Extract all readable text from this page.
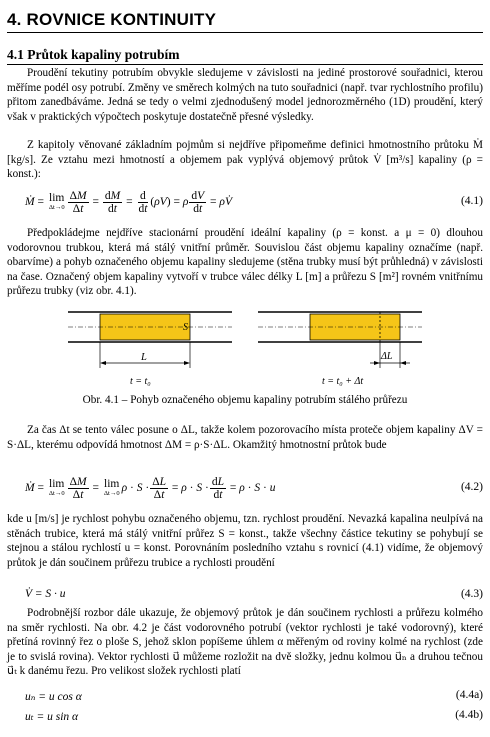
4. ROVNICE KONTINUITY
4.1 Průtok kapaliny potrubím
Proudění tekutiny potrubím obvykle sledujeme v závislosti na jediné prostorové souřadnici, kterou měříme podél osy potrubí. Změny ve směrech kolmých na tuto souřadnici (např. tvar rychlostního profilu) přitom zanedbáváme. Jedná se tedy o velmi zjednodušený model jednorozměrného (1D) proudění, který však v praktických výpočtech poskytuje dostatečně přesné výsledky.
Z kapitoly věnované základním pojmům si nejdříve připomeňme definici hmotnostního průtoku Ṁ [kg/s]. Ze vztahu mezi hmotností a objemem pak vyplývá objemový průtok V̇ [m³/s] kapaliny (ρ = konst.):
Ṁ = lim
$\Delta t\to 0 \frac{\Delta M}{\Delta t} = \frac{dM}{dt} = \frac{d}{dt}$ ( ρV ) = ρ $\frac{dV}{dt} = \rho$ V̇	(4.1)
Předpokládejme nejdříve stacionární proudění ideální kapaliny (ρ = konst. a μ = 0) dlouhou vodorovnou trubkou, která má stálý vnitřní průměr. Souvislou část objemu kapaliny označíme (např. obarvíme) a pohyb označeného objemu kapaliny sledujeme (stěna trubky musí být průhledná) v závislosti na čase. Označený objem kapaliny vytvoří v trubce válec délky L [m] a průřezu S [m²] rovném vnitřnímu průřezu trubky (viz obr. 4.1).
S
L
t = t₀
ΔL
t = t₀ + Δt
Obr. 4.1 – Pohyb označeného objemu kapaliny potrubím stálého průřezu
Za čas Δt se tento válec posune o ΔL, takže kolem pozorovacího místa proteče objem kapaliny ΔV = S·ΔL, kterému odpovídá hmotnost ΔM = ρ·S·ΔL. Okamžitý hmotnostní průtok bude
Ṁ = lim
$\Delta t\to 0 \frac{\Delta M}{\Delta t} = \lim$
Δt→0 $\rho \cdot S \cdot \frac{\Delta L}{\Delta t} = \rho \cdot S \cdot \frac{dL}{dt} = \rho \cdot S \cdot u$	(4.2)
kde u [m/s] je rychlost pohybu označeného objemu, tzn. rychlost proudění. Nevazká kapalina neulpívá na stěnách trubice, která má stálý vnitřní průřez S = konst., takže všechny částice tekutiny se pohybují se stejnou a stálou rychlostí u = konst. Porovnáním posledního vztahu s rovnicí (4.1) vidíme, že objemový průtok je dán součinem průřezu trubice a rychlosti proudění
V̇ = S · u	(4.3)
Podrobnější rozbor dále ukazuje, že objemový průtok je dán součinem rychlosti a průřezu kolmého na směr rychlosti. Na obr. 4.2 je část vodorovného potrubí (vektor rychlosti je také vodorovný), které přetíná rovinný řez o ploše S, jehož sklon popíšeme úhlem α měřeným od roviny kolmé na rychlost (zde je to svislá rovina). Vektor rychlosti u⃗ můžeme rozložit na dvě složky, jednu kolmou u⃗ₙ a druhou tečnou u⃗ₜ k danému řezu. Pro velikost složek rychlosti platí
uₙ = u cos α	(4.4a)
uₜ = u sin α	(4.4b)
